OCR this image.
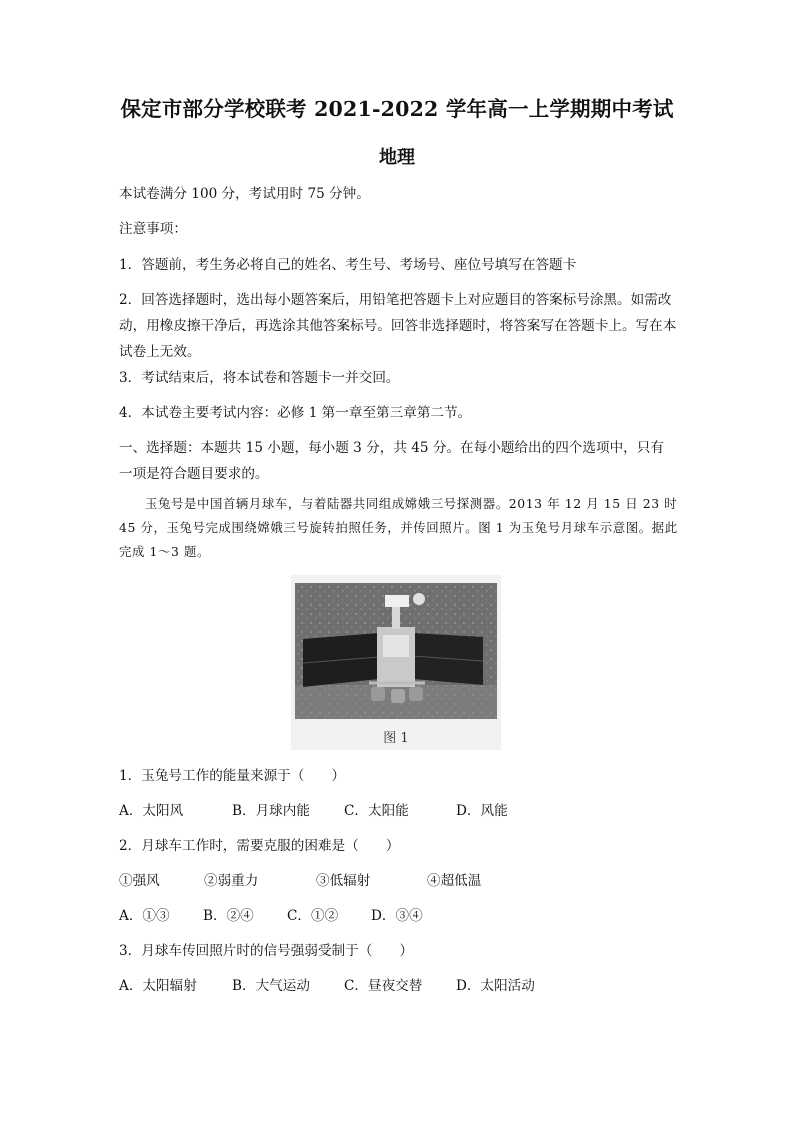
保定市部分学校联考 2021-2022 学年高一上学期期中考试
地理
本试卷满分 100 分，考试用时 75 分钟。
注意事项：
1．答题前，考生务必将自己的姓名、考生号、考场号、座位号填写在答题卡
2．回答选择题时，选出每小题答案后，用铅笔把答题卡上对应题目的答案标号涂黑。如需改动，用橡皮擦干净后，再选涂其他答案标号。回答非选择题时，将答案写在答题卡上。写在本试卷上无效。
3．考试结束后，将本试卷和答题卡一并交回。
4．本试卷主要考试内容：必修 1 第一章至第三章第二节。
一、选择题：本题共 15 小题，每小题 3 分，共 45 分。在每小题给出的四个选项中，只有一项是符合题目要求的。
玉兔号是中国首辆月球车，与着陆器共同组成嫦娥三号探测器。2013 年 12 月 15 日 23 时 45 分，玉兔号完成围绕嫦娥三号旋转拍照任务，并传回照片。图 1 为玉兔号月球车示意图。据此完成 1～3 题。
图 1
1．玉兔号工作的能量来源于（　　）
A．太阳风	B．月球内能	C．太阳能	D．风能
2．月球车工作时，需要克服的困难是（　　）
①强风	②弱重力	③低辐射	④超低温
A．①③ B．②④ C．①② D．③④
3．月球车传回照片时的信号强弱受制于（　　）
A．太阳辐射	B．大气运动	C．昼夜交替 D．太阳活动
